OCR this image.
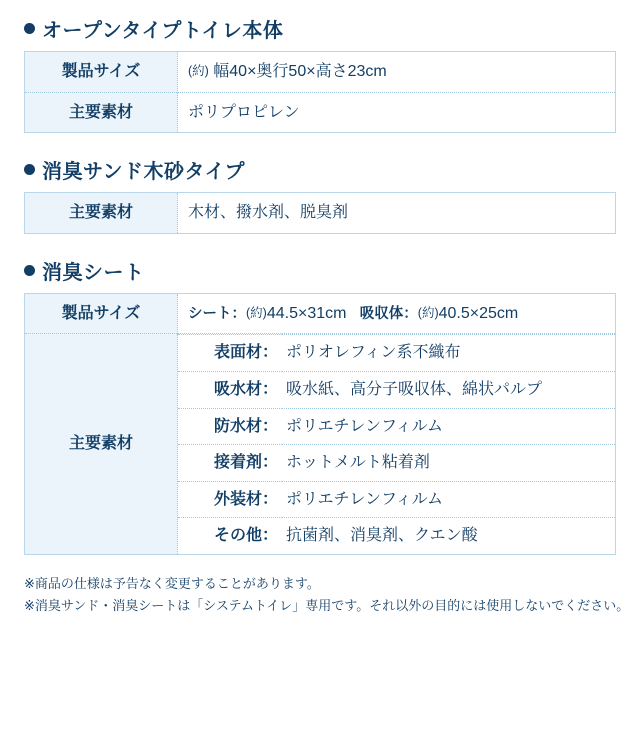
オープンタイプトイレ本体
製品サイズ	(約) 幅40×奥行50×高さ23cm
主要素材	ポリプロピレン
消臭サンド木砂タイプ
主要素材	木材、撥水剤、脱臭剤
消臭シート
製品サイズ	シート：(約)44.5×31cm 吸収体：(約)40.5×25cm
主要素材	
表面材：	ポリオレフィン系不織布
吸水材：	吸水紙、高分子吸収体、綿状パルプ
防水材：	ポリエチレンフィルム
接着剤：	ホットメルト粘着剤
外装材：	ポリエチレンフィルム
その他：	抗菌剤、消臭剤、クエン酸
※商品の仕様は予告なく変更することがあります。
※消臭サンド・消臭シートは「システムトイレ」専用です。それ以外の目的には使用しないでください。
